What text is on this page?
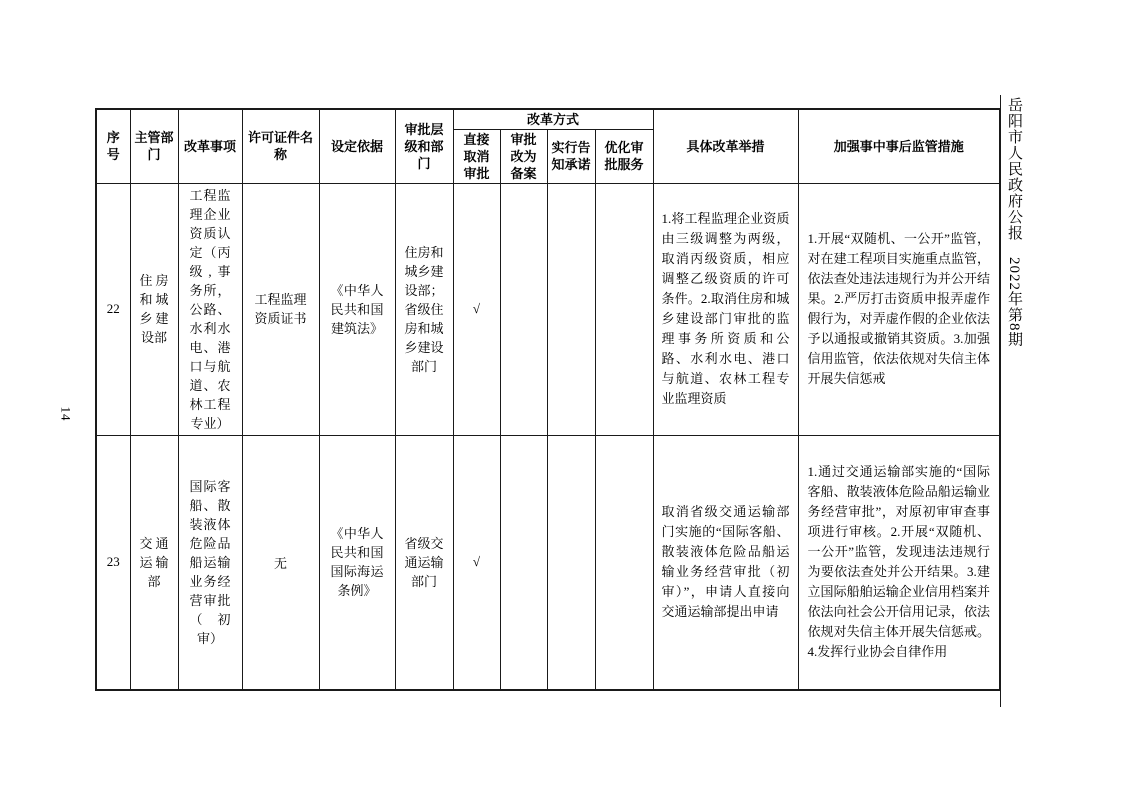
14
岳阳市人民政府公报　2022年第8期
序号	主管部门	改革事项	许可证件名称	设定依据	审批层级和部门	改革方式				具体改革举措	加强事中事后监管措施
						直接取消审批	审批改为备案	实行告知承诺	优化审批服务		
22	住房和城乡建设部	工程监理企业资质认定（丙级,事务所，公路、水利水电、港口与航道、农林工程专业）	工程监理资质证书	《中华人民共和国建筑法》	住房和城乡建设部；省级住房和城乡建设部门	√				1.将工程监理企业资质由三级调整为两级，取消丙级资质，相应调整乙级资质的许可条件。2.取消住房和城乡建设部门审批的监理事务所资质和公路、水利水电、港口与航道、农林工程专业监理资质	1.开展“双随机、一公开”监管，对在建工程项目实施重点监管，依法查处违法违规行为并公开结果。2.严厉打击资质申报弄虚作假行为，对弄虚作假的企业依法予以通报或撤销其资质。3.加强信用监管，依法依规对失信主体开展失信惩戒
23	交通运输部	国际客船、散装液体危险品船运输业务经营审批（初审）	无	《中华人民共和国国际海运条例》	省级交通运输部门	√				取消省级交通运输部门实施的“国际客船、散装液体危险品船运输业务经营审批（初审）”，申请人直接向交通运输部提出申请	1.通过交通运输部实施的“国际客船、散装液体危险品船运输业务经营审批”，对原初审审查事项进行审核。2.开展“双随机、一公开”监管，发现违法违规行为要依法查处并公开结果。3.建立国际船舶运输企业信用档案并依法向社会公开信用记录，依法依规对失信主体开展失信惩戒。4.发挥行业协会自律作用
